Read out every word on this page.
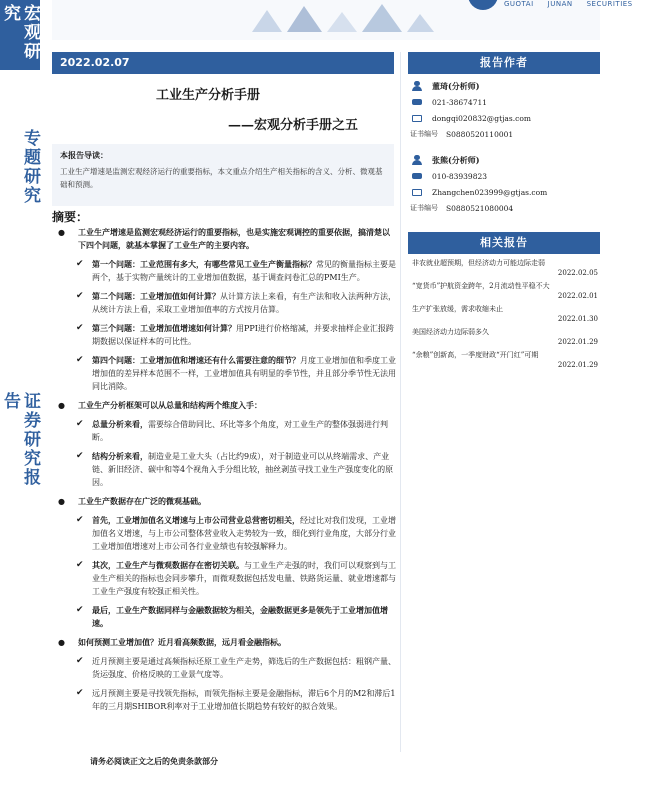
宏观研究
专题研究
证券研究报告
GUOTAI JUNAN SECURITIES
2022.02.07
工业生产分析手册
——宏观分析手册之五
本报告导读：
工业生产增速是监测宏观经济运行的重要指标，本文重点介绍生产相关指标的含义、分析、微观基础和预测。
摘要：
● 工业生产增速是监测宏观经济运行的重要指标，也是实施宏观调控的重要依据，搞清楚以下四个问题，就基本掌握了工业生产的主要内容。
✔ 第一个问题：工业范围有多大，有哪些常见工业生产衡量指标？常见的衡量指标主要是两个，基于实物产量统计的工业增加值数据，基于调查问卷汇总的PMI生产。
✔ 第二个问题：工业增加值如何计算？从计算方法上来看，有生产法和收入法两种方法，从统计方法上看，采取工业增加值率的方式按月估算。
✔ 第三个问题：工业增加值增速如何计算？用PPI进行价格缩减，并要求抽样企业汇报跨期数据以保证样本的可比性。
✔ 第四个问题：工业增加值和增速还有什么需要注意的细节？月度工业增加值和季度工业增加值的差异样本范围不一样，工业增加值具有明显的季节性，并且部分季节性无法用同比消除。
● 工业生产分析框架可以从总量和结构两个维度入手：
✔ 总量分析来看，需要综合借助同比、环比等多个角度，对工业生产的整体强弱进行判断。
✔ 结构分析来看，制造业是工业大头（占比约9成），对于制造业可以从终端需求、产业链、新旧经济、碳中和等4个视角入手分组比较，抽丝剥茧寻找工业生产强度变化的原因。
● 工业生产数据存在广泛的微观基础。
✔ 首先，工业增加值名义增速与上市公司营业总营密切相关，经过比对我们发现，工业增加值名义增速，与上市公司整体营业收入走势较为一致，细化到行业角度，大部分行业工业增加值增速对上市公司各行业业绩也有较强解释力。
✔ 其次，工业生产与微观数据存在密切关联。与工业生产走强的时，我们可以观察到与工业生产相关的指标也会同步攀升，而微观数据包括发电量、铁路货运量、就业增速都与工业生产强度有较强正相关性。
✔ 最后，工业生产数据同样与金融数据较为相关，金融数据更多是领先于工业增加值增速。
● 如何预测工业增加值？近月看高频数据，远月看金融指标。
✔ 近月预测主要是通过高频指标还原工业生产走势，筛选后的生产数据包括：粗钢产量、货运强度、价格反映的工业景气度等。
✔ 远月预测主要是寻找领先指标，而领先指标主要是金融指标，滞后6个月的M2和滞后1年的三月期SHIBOR利率对于工业增加值长期趋势有较好的拟合效果。
请务必阅读正文之后的免责条款部分
报告作者
董琦(分析师)
021-38674711
dongqi020832@gtjas.com
证书编号 S0880520110001
张熊(分析师)
010-83939823
Zhangchen023999@gtjas.com
证书编号 S0880521080004
相关报告
非农就业超预期，但经济动力可能边际走弱
2022.02.05
“宽货币”护航资金跨年，2月流动性平稳不大
2022.02.01
生产扩张放缓，需求收缩未止
2022.01.30
美国经济动力边际弱多久
2022.01.29
“余粮”创新高，一季度财政“开门红”可期
2022.01.29
